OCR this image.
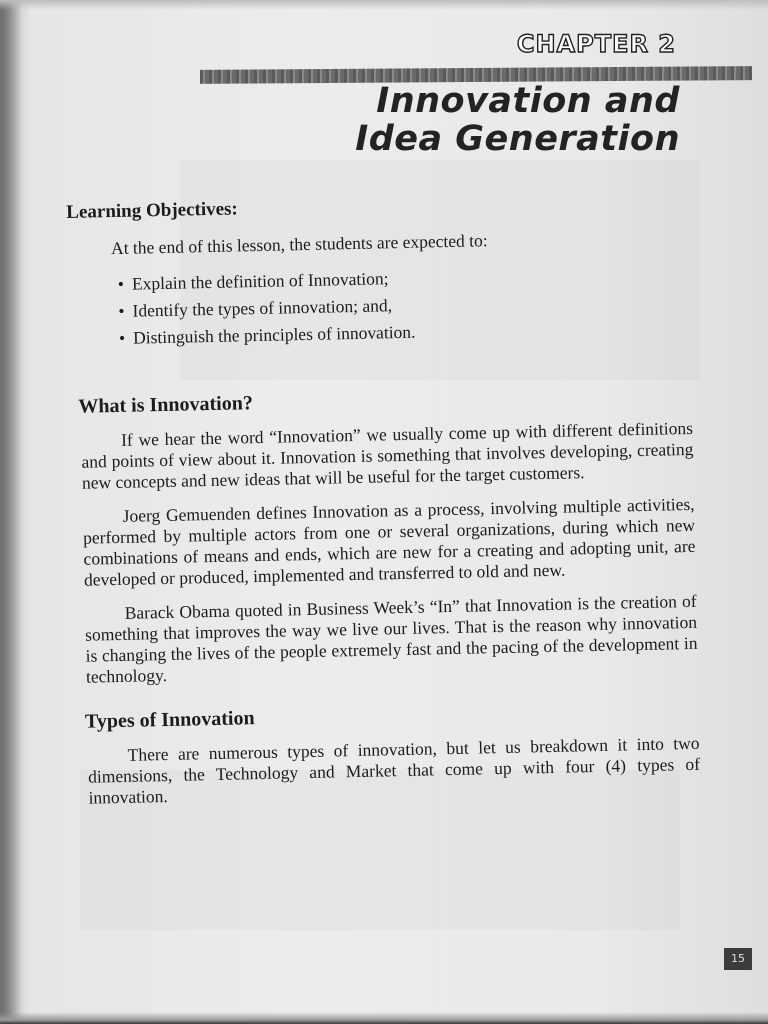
CHAPTER 2
Innovation and
Idea Generation
Learning Objectives:

At the end of this lesson, the students are expected to:

• Explain the definition of Innovation;
• Identify the types of innovation; and,
• Distinguish the principles of innovation.
What is Innovation?

If we hear the word “Innovation” we usually come up with different definitions and points of view about it. Innovation is something that involves developing, creating new concepts and new ideas that will be useful for the target customers.

Joerg Gemuenden defines Innovation as a process, involving multiple activities, performed by multiple actors from one or several organizations, during which new combinations of means and ends, which are new for a creating and adopting unit, are developed or produced, implemented and transferred to old and new.

Barack Obama quoted in Business Week’s “In” that Innovation is the creation of something that improves the way we live our lives. That is the reason why innovation is changing the lives of the people extremely fast and the pacing of the development in technology.

Types of Innovation

There are numerous types of innovation, but let us breakdown it into two dimensions, the Technology and Market that come up with four (4) types of innovation.

15
